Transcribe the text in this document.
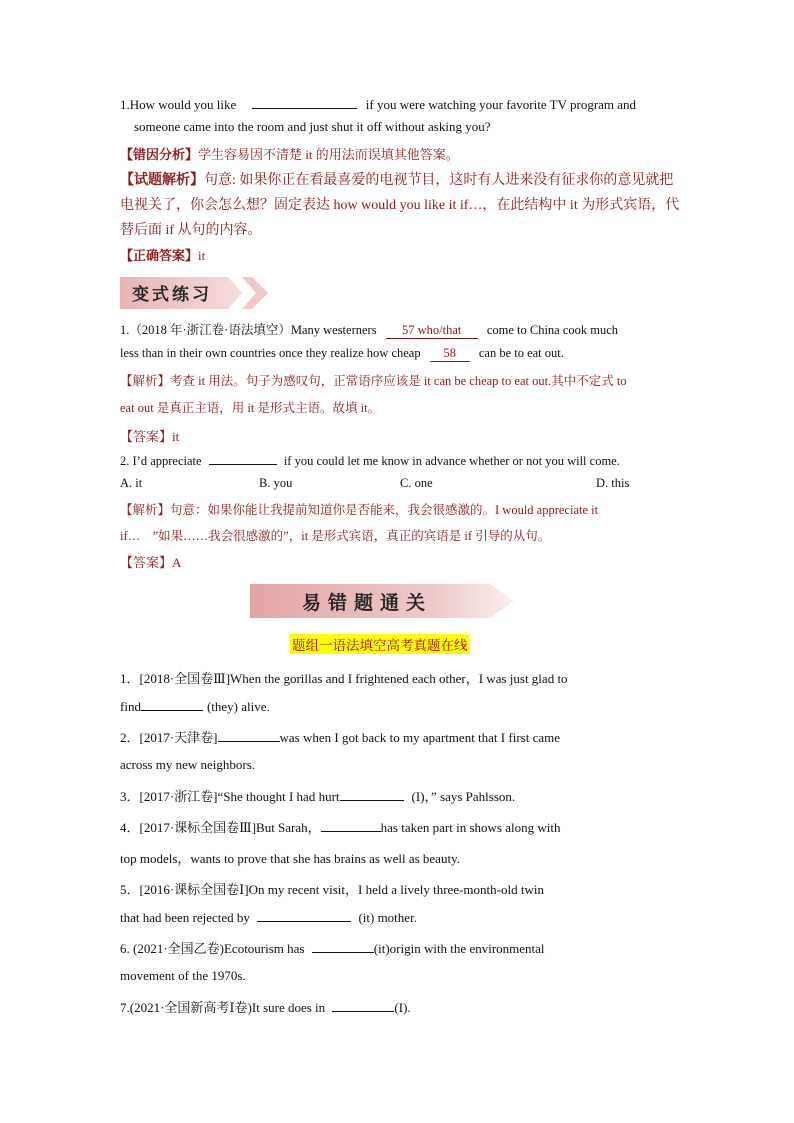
1.How would you like	if you were watching your favorite TV program and
someone came into the room and just shut it off without asking you?
【错因分析】学生容易因不清楚 it 的用法而误填其他答案。
【试题解析】句意: 如果你正在看最喜爱的电视节目，这时有人进来没有征求你的意见就把
电视关了，你会怎么想？固定表达 how would you like it if…，在此结构中 it 为形式宾语，代
替后面 if 从句的内容。
【正确答案】it
变式练习
1.（2018 年·浙江卷·语法填空）Many westerners 57 who/that come to China cook much
less than in their own countries once they realize how cheap 58 can be to eat out.
【解析】考查 it 用法。句子为感叹句，正常语序应该是 it can be cheap to eat out.其中不定式 to
eat out 是真正主语，用 it 是形式主语。故填 it。
【答案】it
2. I’d appreciate	if you could let me know in advance whether or not you will come.
A. it	B. you	C. one	D. this
【解析】句意：如果你能让我提前知道你是否能来，我会很感激的。I would appreciate it
if…　”如果……我会很感激的”，it 是形式宾语，真正的宾语是 if 引导的从句。
【答案】A
易错题通关
题组一语法填空高考真题在线
1．[2018·全国卷Ⅲ]When the gorillas and I frightened each other，I was just glad to
find	(they) alive.
2．[2017·天津卷]	was when I got back to my apartment that I first came
across my new neighbors.
3．[2017·浙江卷]“She thought I had hurt	(I)，” says Pahlsson.
4．[2017·课标全国卷Ⅲ]But Sarah，	has taken part in shows along with
top models，wants to prove that she has brains as well as beauty.
5．[2016·课标全国卷Ⅰ]On my recent visit，I held a lively three-month-old twin
that had been rejected by	(it) mother.
6. (2021·全国乙卷)Ecotourism has	(it)origin with the environmental
movement of the 1970s.
7.(2021·全国新高考Ⅰ卷)It sure does in	(I).
